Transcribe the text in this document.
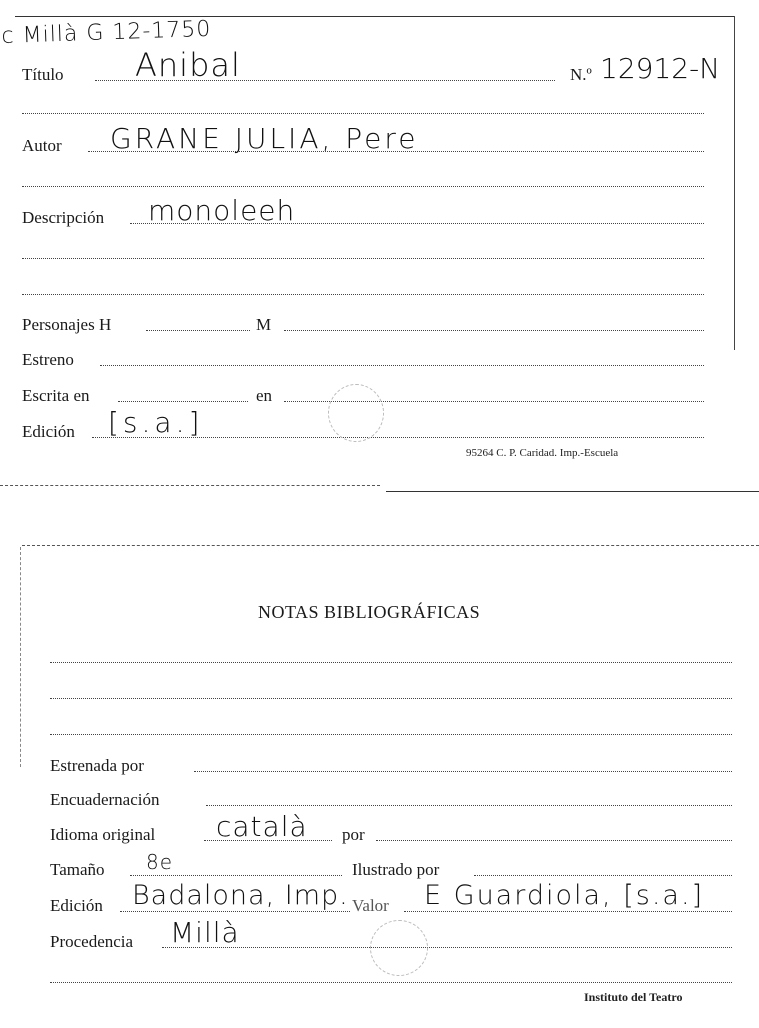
c Millà G 12-1750
Título Anibal	N.º 12912-N
Autor GRANE JULIA, Pere
Descripción monoleeh
Personajes H	M
Estreno
Escrita en	en
Edición [s.a.]
95264 C. P. Caridad. Imp.-Escuela
NOTAS BIBLIOGRÁFICAS
Estrenada por
Encuadernación
Idioma original català por
Tamaño 8e	Ilustrado por
Edición Badalona, Imp. Valor E Guardiola, [s.a.]
Procedencia Millà
Instituto del Teatro
